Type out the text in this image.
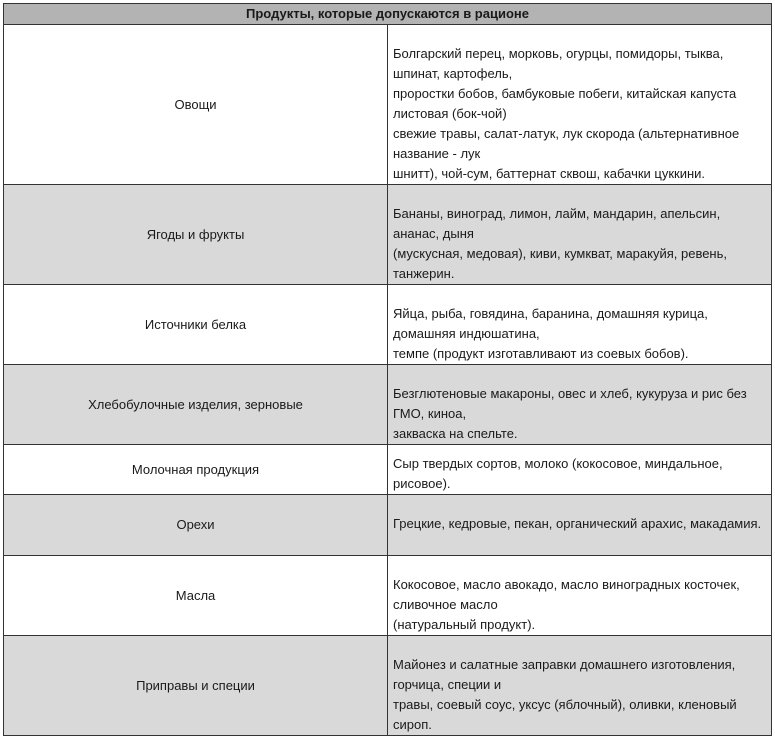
Продукты, которые допускаются в рационе	
Овощи	Болгарский перец, морковь, огурцы, помидоры, тыква, шпинат, картофель,
проростки бобов, бамбуковые побеги, китайская капуста листовая (бок-чой)
свежие травы, салат-латук, лук скорода (альтернативное название - лук
шнитт), чой-сум, баттернат сквош, кабачки цуккини.

Ягоды и фрукты	Бананы, виноград, лимон, лайм, мандарин, апельсин, ананас, дыня
(мускусная, медовая), киви, кумкват, маракуйя, ревень, танжерин.

Источники белка	Яйца, рыба, говядина, баранина, домашняя курица, домашняя индюшатина,
темпе (продукт изготавливают из соевых бобов).

Хлебобулочные изделия, зерновые	Безглютеновые макароны, овес и хлеб, кукуруза и рис без ГМО, киноа,
закваска на спельте.

Молочная продукция	Сыр твердых сортов, молоко (кокосовое, миндальное, рисовое).

Орехи	Грецкие, кедровые, пекан, органический арахис, макадамия.

Масла	Кокосовое, масло авокадо, масло виноградных косточек, сливочное масло
(натуральный продукт).

Приправы и специи	Майонез и салатные заправки домашнего изготовления, горчица, специи и
травы, соевый соус, уксус (яблочный), оливки, кленовый сироп.
